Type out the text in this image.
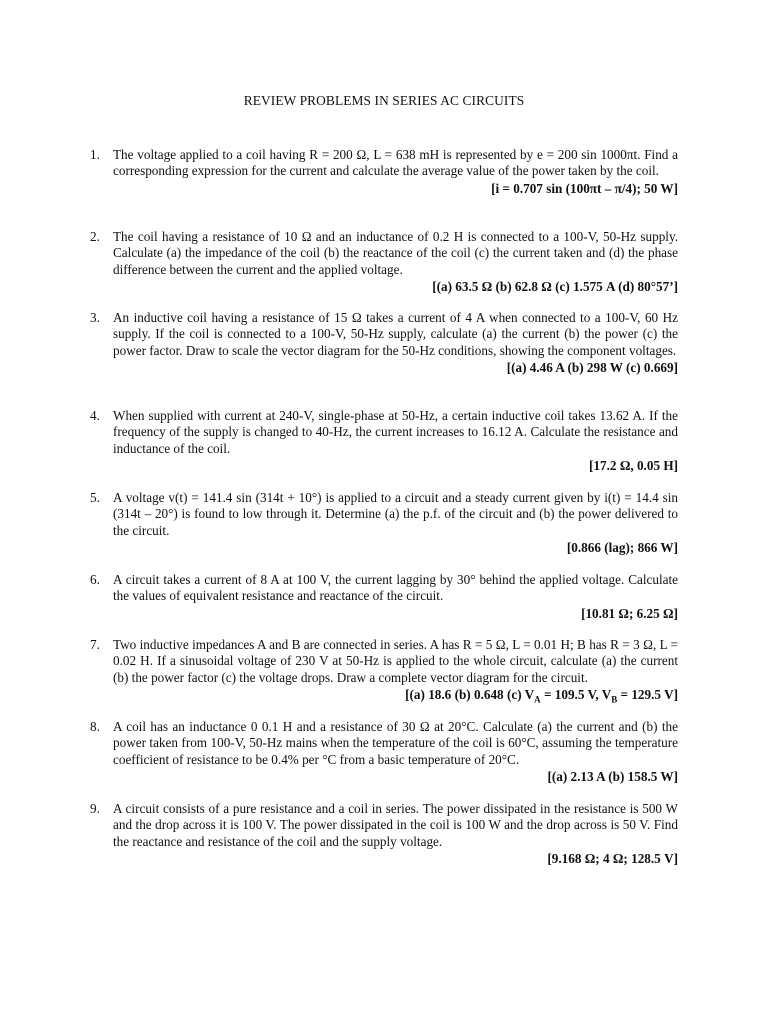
REVIEW PROBLEMS IN SERIES AC CIRCUITS
1. The voltage applied to a coil having R = 200 Ω, L = 638 mH is represented by e = 200 sin 1000πt. Find a corresponding expression for the current and calculate the average value of the power taken by the coil.
[i = 0.707 sin (100πt – π/4); 50 W]
2. The coil having a resistance of 10 Ω and an inductance of 0.2 H is connected to a 100-V, 50-Hz supply. Calculate (a) the impedance of the coil (b) the reactance of the coil (c) the current taken and (d) the phase difference between the current and the applied voltage.
[(a) 63.5 Ω (b) 62.8 Ω (c) 1.575 A (d) 80°57’]
3. An inductive coil having a resistance of 15 Ω takes a current of 4 A when connected to a 100-V, 60 Hz supply. If the coil is connected to a 100-V, 50-Hz supply, calculate (a) the current (b) the power (c) the power factor. Draw to scale the vector diagram for the 50-Hz conditions, showing the component voltages.
[(a) 4.46 A (b) 298 W (c) 0.669]
4. When supplied with current at 240-V, single-phase at 50-Hz, a certain inductive coil takes 13.62 A. If the frequency of the supply is changed to 40-Hz, the current increases to 16.12 A. Calculate the resistance and inductance of the coil.
[17.2 Ω, 0.05 H]
5. A voltage v(t) = 141.4 sin (314t + 10°) is applied to a circuit and a steady current given by i(t) = 14.4 sin (314t – 20°) is found to low through it. Determine (a) the p.f. of the circuit and (b) the power delivered to the circuit.
[0.866 (lag); 866 W]
6. A circuit takes a current of 8 A at 100 V, the current lagging by 30° behind the applied voltage. Calculate the values of equivalent resistance and reactance of the circuit.
[10.81 Ω; 6.25 Ω]
7. Two inductive impedances A and B are connected in series. A has R = 5 Ω, L = 0.01 H; B has R = 3 Ω, L = 0.02 H. If a sinusoidal voltage of 230 V at 50-Hz is applied to the whole circuit, calculate (a) the current (b) the power factor (c) the voltage drops. Draw a complete vector diagram for the circuit.
[(a) 18.6 (b) 0.648 (c) $V_A = 109.5$ V, $V_B = 129.5$ V]
8. A coil has an inductance 0 0.1 H and a resistance of 30 Ω at 20°C. Calculate (a) the current and (b) the power taken from 100-V, 50-Hz mains when the temperature of the coil is 60°C, assuming the temperature coefficient of resistance to be 0.4% per °C from a basic temperature of 20°C.
[(a) 2.13 A (b) 158.5 W]
9. A circuit consists of a pure resistance and a coil in series. The power dissipated in the resistance is 500 W and the drop across it is 100 V. The power dissipated in the coil is 100 W and the drop across is 50 V. Find the reactance and resistance of the coil and the supply voltage.
[9.168 Ω; 4 Ω; 128.5 V]
